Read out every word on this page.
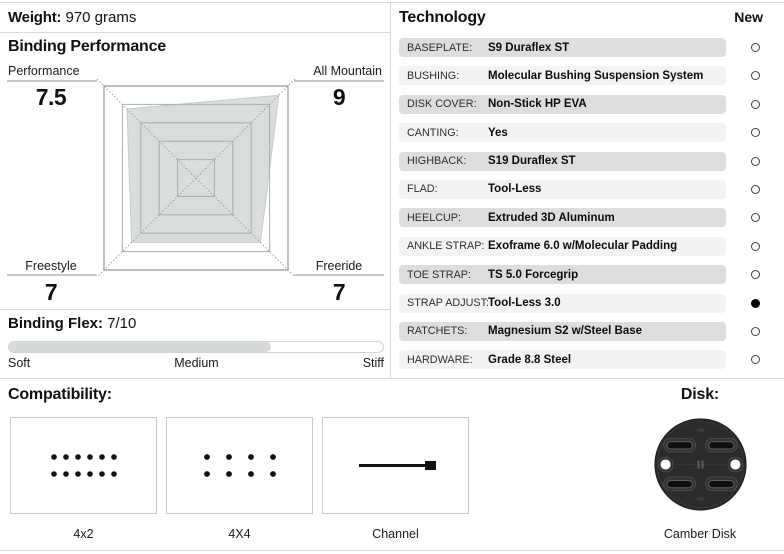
Weight: 970 grams
Binding Performance
Performance
7.5
All Mountain
9
Freestyle
7
Freeride
7
Binding Flex: 7/10
Soft	Medium	Stiff
Technology	New
BASEPLATE:	S9 Duraflex ST
BUSHING:	Molecular Bushing Suspension System
DISK COVER: Non-Stick HP EVA
CANTING:	Yes
HIGHBACK:	S19 Duraflex ST
FLAD:	Tool-Less
HEELCUP:	Extruded 3D Aluminum
ANKLE STRAP: Exoframe 6.0 w/Molecular Padding
TOE STRAP:	TS 5.0 Forcegrip
STRAP ADJUST: Tool-Less 3.0
RATCHETS:	Magnesium S2 w/Steel Base
HARDWARE:	Grade 8.8 Steel
Compatibility:
4x2	4X4	Channel
Disk:
Camber Disk
